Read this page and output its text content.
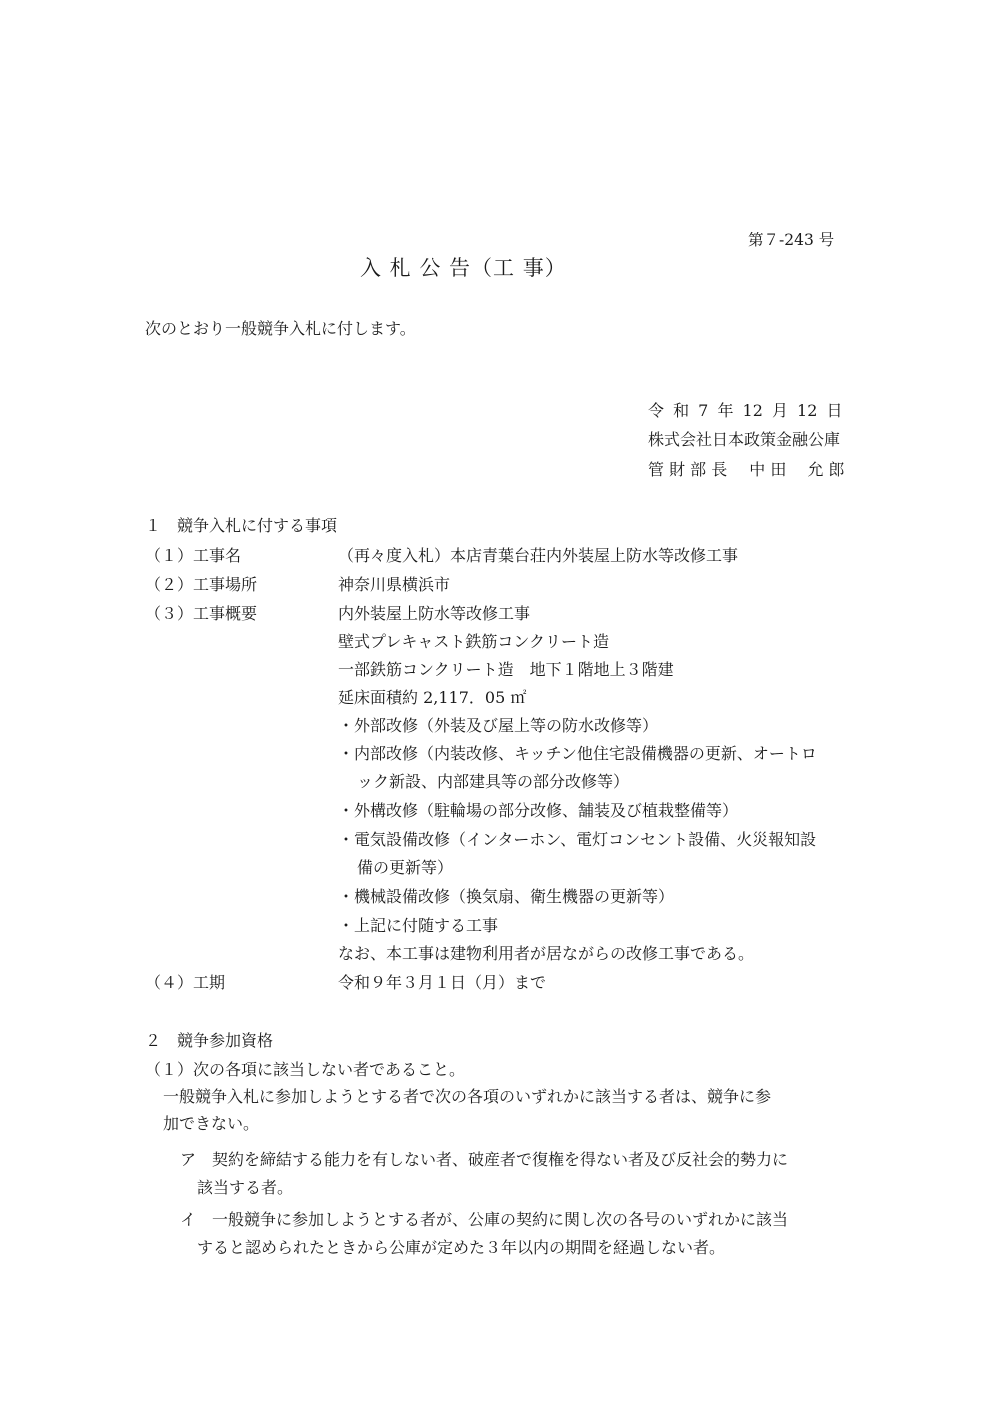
第７-243 号
入 札 公 告（工 事）
次のとおり一般競争入札に付します。
令 和 7 年 12 月 12 日
株式会社日本政策金融公庫
管 財 部 長 中 田　 允 郎
１　競争入札に付する事項
（１）工事名	（再々度入札）本店青葉台荘内外装屋上防水等改修工事
（２）工事場所	神奈川県横浜市
（３）工事概要	内外装屋上防水等改修工事
壁式プレキャスト鉄筋コンクリート造
一部鉄筋コンクリート造　地下１階地上３階建
延床面積約 2,117．05 ㎡
・外部改修（外装及び屋上等の防水改修等）
・内部改修（内装改修、キッチン他住宅設備機器の更新、オートロ
ック新設、内部建具等の部分改修等）
・外構改修（駐輪場の部分改修、舗装及び植栽整備等）
・電気設備改修（インターホン、電灯コンセント設備、火災報知設
備の更新等）
・機械設備改修（換気扇、衛生機器の更新等）
・上記に付随する工事
なお、本工事は建物利用者が居ながらの改修工事である。
（４）工期	令和９年３月１日（月）まで
２　競争参加資格
（１）次の各項に該当しない者であること。
一般競争入札に参加しようとする者で次の各項のいずれかに該当する者は、競争に参
加できない。
ア　契約を締結する能力を有しない者、破産者で復権を得ない者及び反社会的勢力に
該当する者。
イ　一般競争に参加しようとする者が、公庫の契約に関し次の各号のいずれかに該当
すると認められたときから公庫が定めた３年以内の期間を経過しない者。
